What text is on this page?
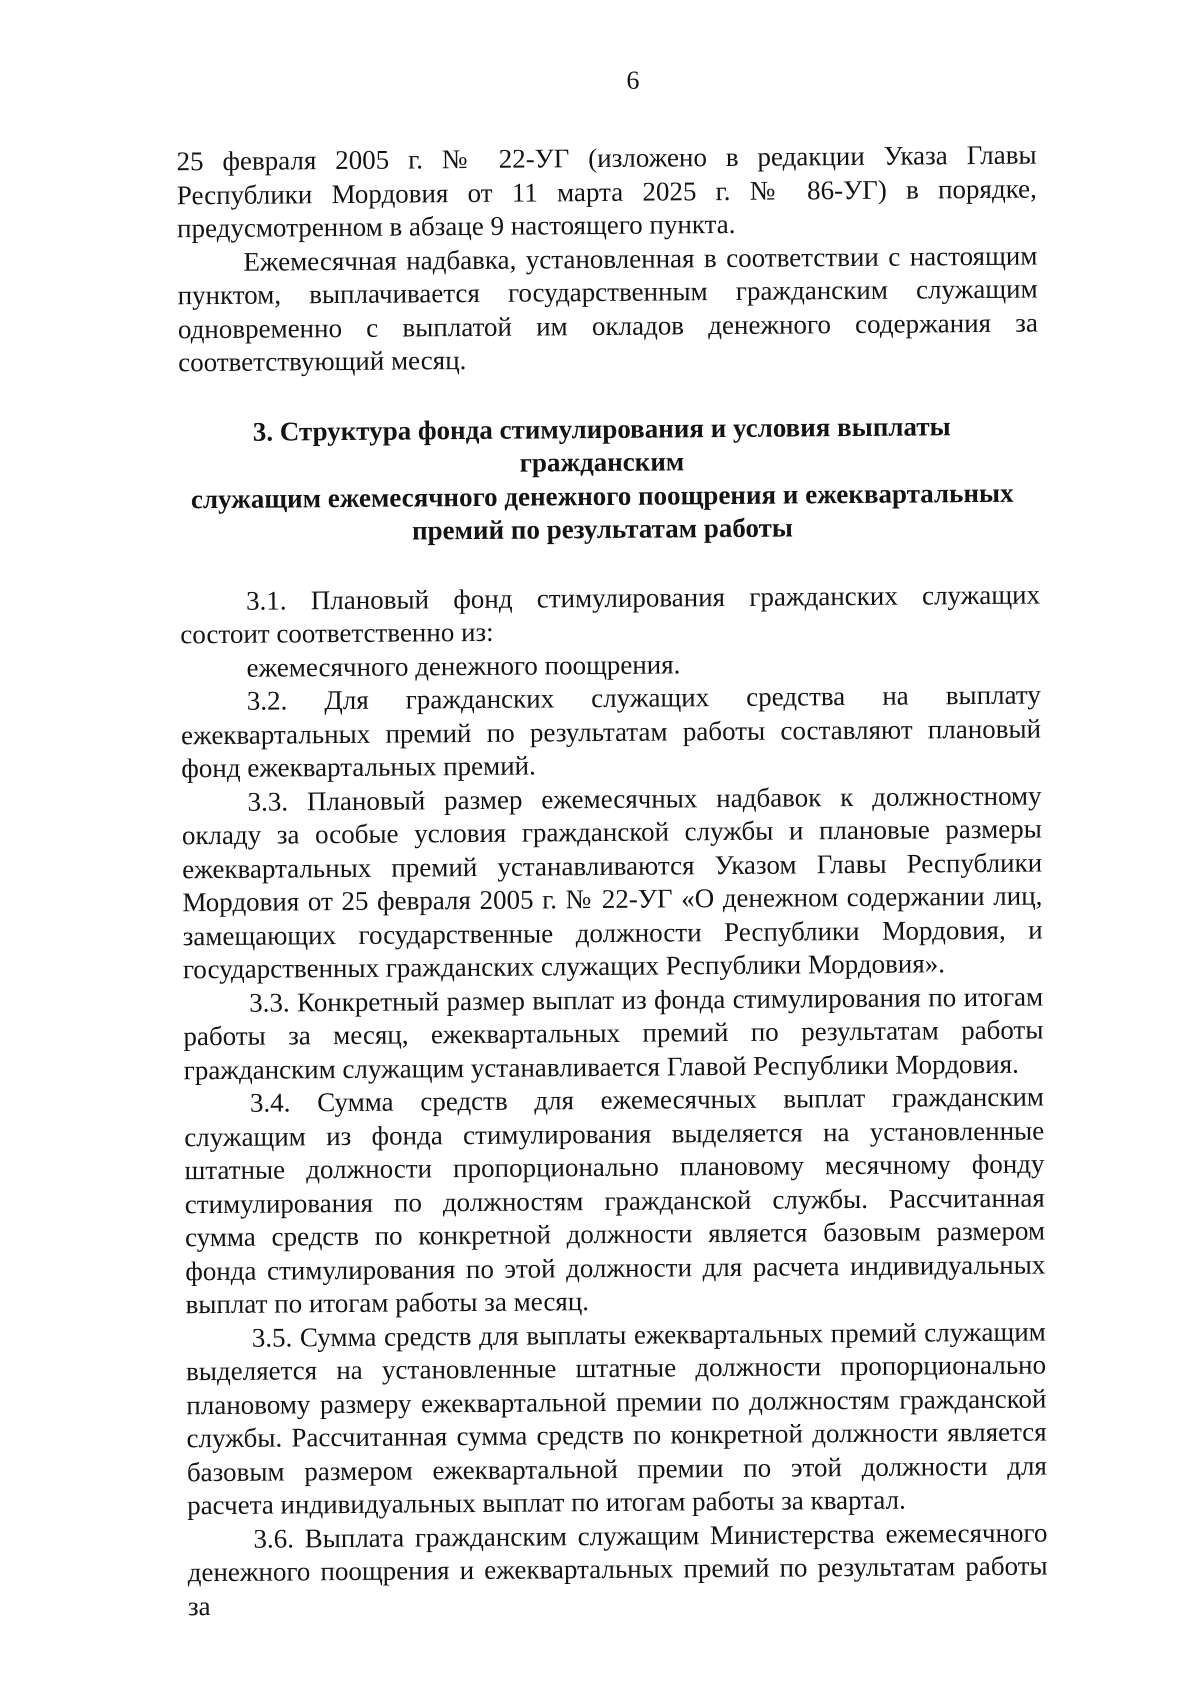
6

25 февраля 2005 г. № 22-УГ (изложено в редакции Указа Главы Республики Мордовия от 11 марта 2025 г. № 86-УГ) в порядке, предусмотренном в абзаце 9 настоящего пункта.

Ежемесячная надбавка, установленная в соответствии с настоящим пунктом, выплачивается государственным гражданским служащим одновременно с выплатой им окладов денежного содержания за соответствующий месяц.

3. Структура фонда стимулирования и условия выплаты гражданским
служащим ежемесячного денежного поощрения и ежеквартальных
премий по результатам работы

3.1. Плановый фонд стимулирования гражданских служащих состоит соответственно из:

ежемесячного денежного поощрения.

3.2. Для гражданских служащих средства на выплату ежеквартальных премий по результатам работы составляют плановый фонд ежеквартальных премий.

3.3. Плановый размер ежемесячных надбавок к должностному окладу за особые условия гражданской службы и плановые размеры ежеквартальных премий устанавливаются Указом Главы Республики Мордовия от 25 февраля 2005 г. № 22-УГ «О денежном содержании лиц, замещающих государственные должности Республики Мордовия, и государственных гражданских служащих Республики Мордовия».

3.3. Конкретный размер выплат из фонда стимулирования по итогам работы за месяц, ежеквартальных премий по результатам работы гражданским служащим устанавливается Главой Республики Мордовия.

3.4. Сумма средств для ежемесячных выплат гражданским служащим из фонда стимулирования выделяется на установленные штатные должности пропорционально плановому месячному фонду стимулирования по должностям гражданской службы. Рассчитанная сумма средств по конкретной должности является базовым размером фонда стимулирования по этой должности для расчета индивидуальных выплат по итогам работы за месяц.

3.5. Сумма средств для выплаты ежеквартальных премий служащим выделяется на установленные штатные должности пропорционально плановому размеру ежеквартальной премии по должностям гражданской службы. Рассчитанная сумма средств по конкретной должности является базовым размером ежеквартальной премии по этой должности для расчета индивидуальных выплат по итогам работы за квартал.

3.6. Выплата гражданским служащим Министерства ежемесячного денежного поощрения и ежеквартальных премий по результатам работы за
